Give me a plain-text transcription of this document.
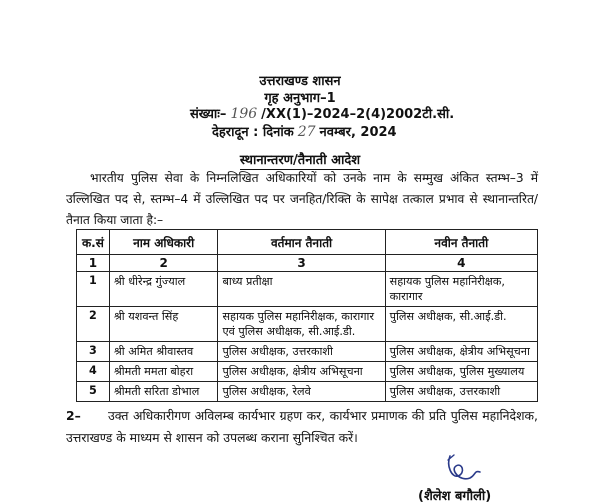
उत्तराखण्ड शासन
गृह अनुभाग–1
संख्याः– 196 /XX(1)–2024–2(4)2002टी.सी.
देहरादून : दिनांक 27 नवम्बर, 2024
स्थानान्तरण/तैनाती आदेश
भारतीय पुलिस सेवा के निम्नलिखित अधिकारियों को उनके नाम के सम्मुख अंकित स्तम्भ–3 में उल्लिखित पद से, स्तम्भ–4 में उल्लिखित पद पर जनहित/रिक्ति के सापेक्ष तत्काल प्रभाव से स्थानान्तरित/तैनात किया जाता है:–
क.सं	नाम अधिकारी	वर्तमान तैनाती	नवीन तैनाती
1	2	3	4
1	श्री धीरेन्द्र गुंज्याल	बाध्य प्रतीक्षा	सहायक पुलिस महानिरीक्षक, कारागार
2	श्री यशवन्त सिंह	सहायक पुलिस महानिरीक्षक, कारागार एवं पुलिस अधीक्षक, सी.आई.डी.	पुलिस अधीक्षक, सी.आई.डी.
3	श्री अमित श्रीवास्तव	पुलिस अधीक्षक, उत्तरकाशी	पुलिस अधीक्षक, क्षेत्रीय अभिसूचना
4	श्रीमती ममता बोहरा	पुलिस अधीक्षक, क्षेत्रीय अभिसूचना	पुलिस अधीक्षक, पुलिस मुख्यालय
5	श्रीमती सरिता डोभाल	पुलिस अधीक्षक, रेलवे	पुलिस अधीक्षक, उत्तरकाशी
2– उक्त अधिकारीगण अविलम्ब कार्यभार ग्रहण कर, कार्यभार प्रमाणक की प्रति पुलिस महानिदेशक, उत्तराखण्ड के माध्यम से शासन को उपलब्ध कराना सुनिश्चित करें।
(शैलेश बगौली)
